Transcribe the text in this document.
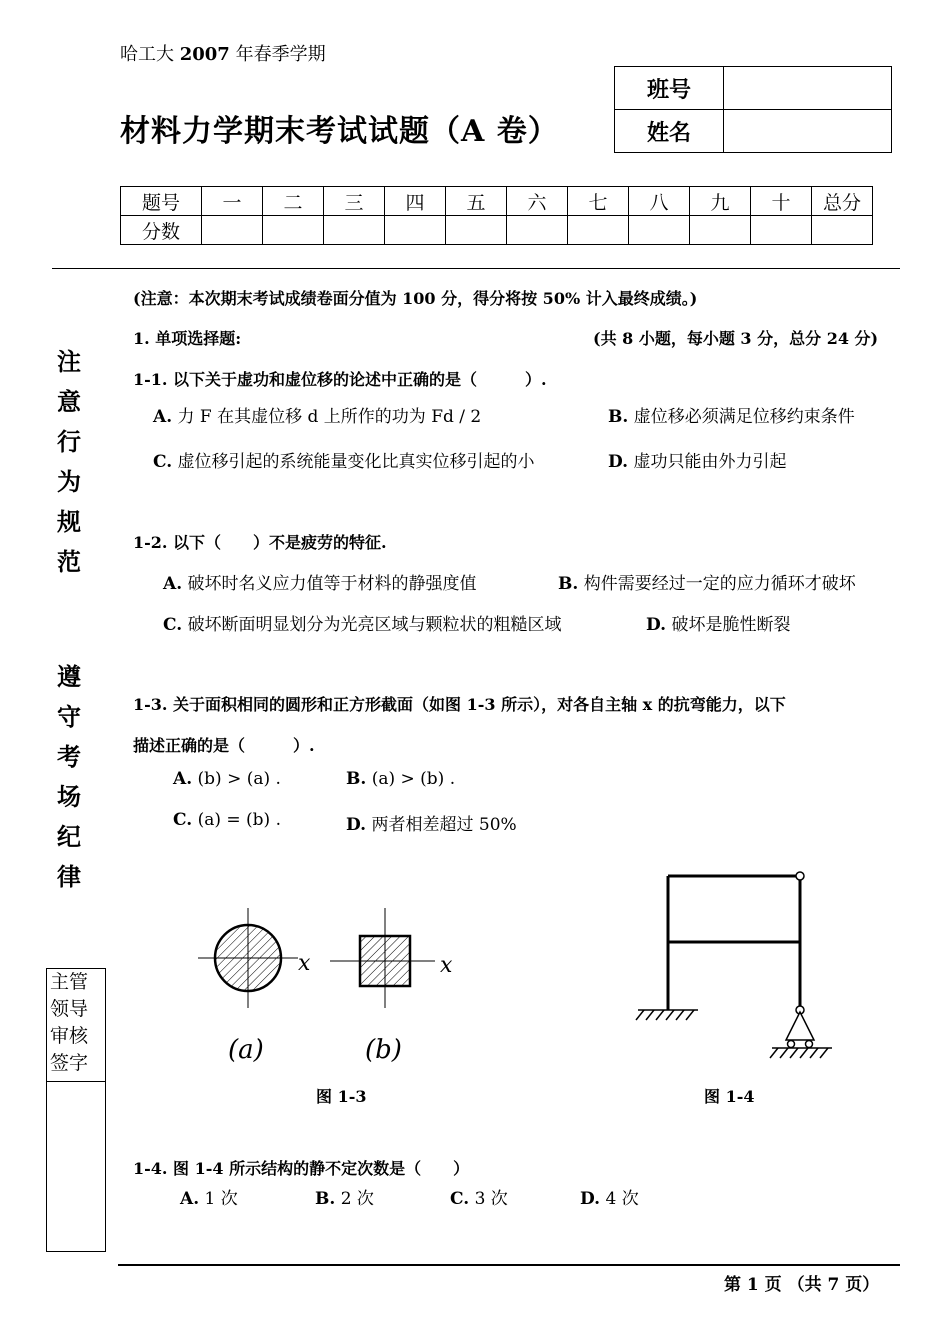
哈工大 2007 年春季学期
材料力学期末考试试题（A 卷）
班号	
姓名	
题号	一	二	三	四	五	六	七	八	九	十	总分
分数											
注
意
行
为
规
范
遵
守
考
场
纪
律
主管
领导
审核
签字
(注意：本次期末考试成绩卷面分值为 100 分，得分将按 50% 计入最终成绩。)
1. 单项选择题:	(共 8 小题，每小题 3 分，总分 24 分)
1-1. 以下关于虚功和虚位移的论述中正确的是（　　　）.
A. 力 F 在其虚位移 d 上所作的功为 Fd / 2	B. 虚位移必须满足位移约束条件
C. 虚位移引起的系统能量变化比真实位移引起的小	D. 虚功只能由外力引起
1-2. 以下（　　）不是疲劳的特征.
A. 破坏时名义应力值等于材料的静强度值	B. 构件需要经过一定的应力循环才破坏
C. 破坏断面明显划分为光亮区域与颗粒状的粗糙区域	D. 破坏是脆性断裂
1-3. 关于面积相同的圆形和正方形截面（如图 1-3 所示），对各自主轴 x 的抗弯能力，以下
描述正确的是（　　　）.
A. (b) > (a) .	B. (a) > (b) .
C. (a) = (b) .	D. 两者相差超过 50%
x	x
(a)	(b)
图 1-3	图 1-4
1-4. 图 1-4 所示结构的静不定次数是（　　）
A. 1 次	B. 2 次	C. 3 次	D. 4 次
第 1 页 （共 7 页）
